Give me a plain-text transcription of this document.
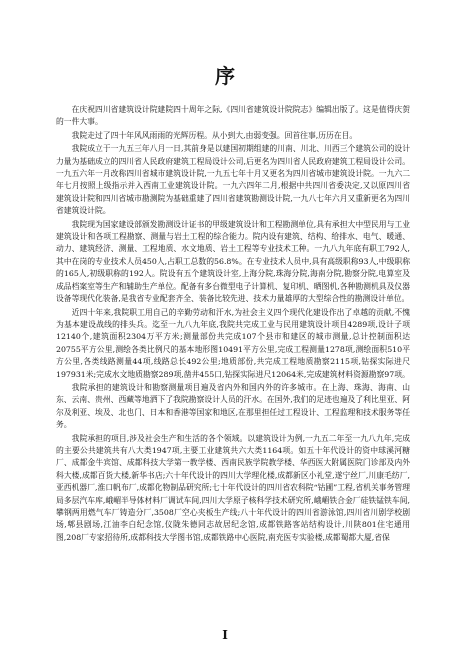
序

在庆祝四川省建筑设计院建院四十周年之际,《四川省建筑设计院院志》编辑出版了。这是值得庆贺的一件大事。

我院走过了四十年风风雨雨的光辉历程。从小到大,由弱变强。回首往事,历历在目。

我院成立于一九五三年八月一日,其前身是以建国初期组建的川南、川北、川西三个建筑公司的设计力量为基础成立的四川省人民政府建筑工程局设计公司,后更名为四川省人民政府建筑工程局设计公司。一九五六年一月改称四川省城市建筑设计院,一九五七年十月又更名为四川省城市建筑设计院。一九六二年七月按照上级指示并入西南工业建筑设计院。一九六四年二月,根据中共四川省委决定,又以原四川省建筑设计院和四川省城市勘测院为基础重建了四川省建筑勘测设计院,一九八七年六月又重新更名为四川省建筑设计院。

我院现为国家建设部颁发勘测设计证书的甲级建筑设计和工程勘测单位,具有承担大中型民用与工业建筑设计和各项工程勘察、测量与岩土工程的综合能力。院内设有建筑、结构、给排水、电气、暖通、动力、建筑经济、测量、工程地质、水文地质、岩土工程等专业技术工种。一九八九年底有职工792人,其中在岗的专业技术人员450人,占职工总数的56.8%。在专业技术人员中,具有高级职称93人,中级职称的165人,初级职称的192人。院设有五个建筑设计室,上海分院,珠海分院,海南分院,勘察分院,电算室及成品档案室等生产和辅助生产单位。配备有多台微型电子计算机、复印机、晒图机,各种勘测机具及仪器设备等现代化装备,是我省专业配套齐全、装备比较先进、技术力量雄厚的大型综合性的勘测设计单位。

近四十年来,我院职工用自己的辛勤劳动和汗水,为社会主义四个现代化建设作出了卓越的贡献,不愧为基本建设战线的排头兵。迄至一九八九年底,我院共完成工业与民用建筑设计项目4289项,设计子项12140个,建筑面积2304万平方米;测量部份共完成107个县市和建区的城市测量,总计控制面积达20755平方公里,测绘各类比例尺的基本地形图10491平方公里,完成工程测量1278项,测绘面积510平方公里,各类线路测量44项,线路总长492公里;地质部份,共完成工程地质勘察2115项,钻探实际进尺197931米;完成水文地质勘察289项,凿井455口,钻探实际进尺12064米,完成建筑材料资源勘察97项。

我院承担的建筑设计和勘察测量项目遍及省内外和国内外的许多城市。在上海、珠海、海南、山东、云南、贵州、西藏等地洒下了我院勘察设计人员的汗水。在国外,我们的足迹也遍及了利比里亚、阿尔及利亚、埃及、北也门、日本和香港等国家和地区,在那里担任过工程设计、工程监理和技术服务等任务。

我院承担的项目,涉及社会生产和生活的各个领域。以建筑设计为例,一九五二年至一九八九年,完成的主要公共建筑共有八大类1947项,主要工业建筑共六大类1164项。如五十年代设计的资中球溪河糖厂、成都金牛宾馆、成都科技大学第一教学楼、西南民族学院教学楼、华西医大附属医院门诊部及内外科大楼,成都百货大楼,新华书店;六十年代设计的四川大学理化楼,成都新区小礼堂,遂宁丝厂,川康毛纺厂,亚西机器厂,淮口帆布厂,成都化物制品研究所;七十年代设计的四川省农科院“钴圃”工程,省机关事务管理局多层汽车库,峨嵋半导体材料厂调试车间,四川大学原子核科学技术研究所,峨嵋铁合金厂硅铁锰铁车间,攀钢两用燃气车厂铸造分厂,3508厂空心夹板生产线;八十年代设计的四川省游泳馆,四川省川剧学校剧场,郫县剧场,江油李白纪念馆,仪陇朱德同志故居纪念馆,成都铁路客站结构设计,川陕801住宅通用图,208厂专家招待所,成都科技大学图书馆,成都铁路中心医院,南充医专实验楼,成都蜀都大厦,省保

I
